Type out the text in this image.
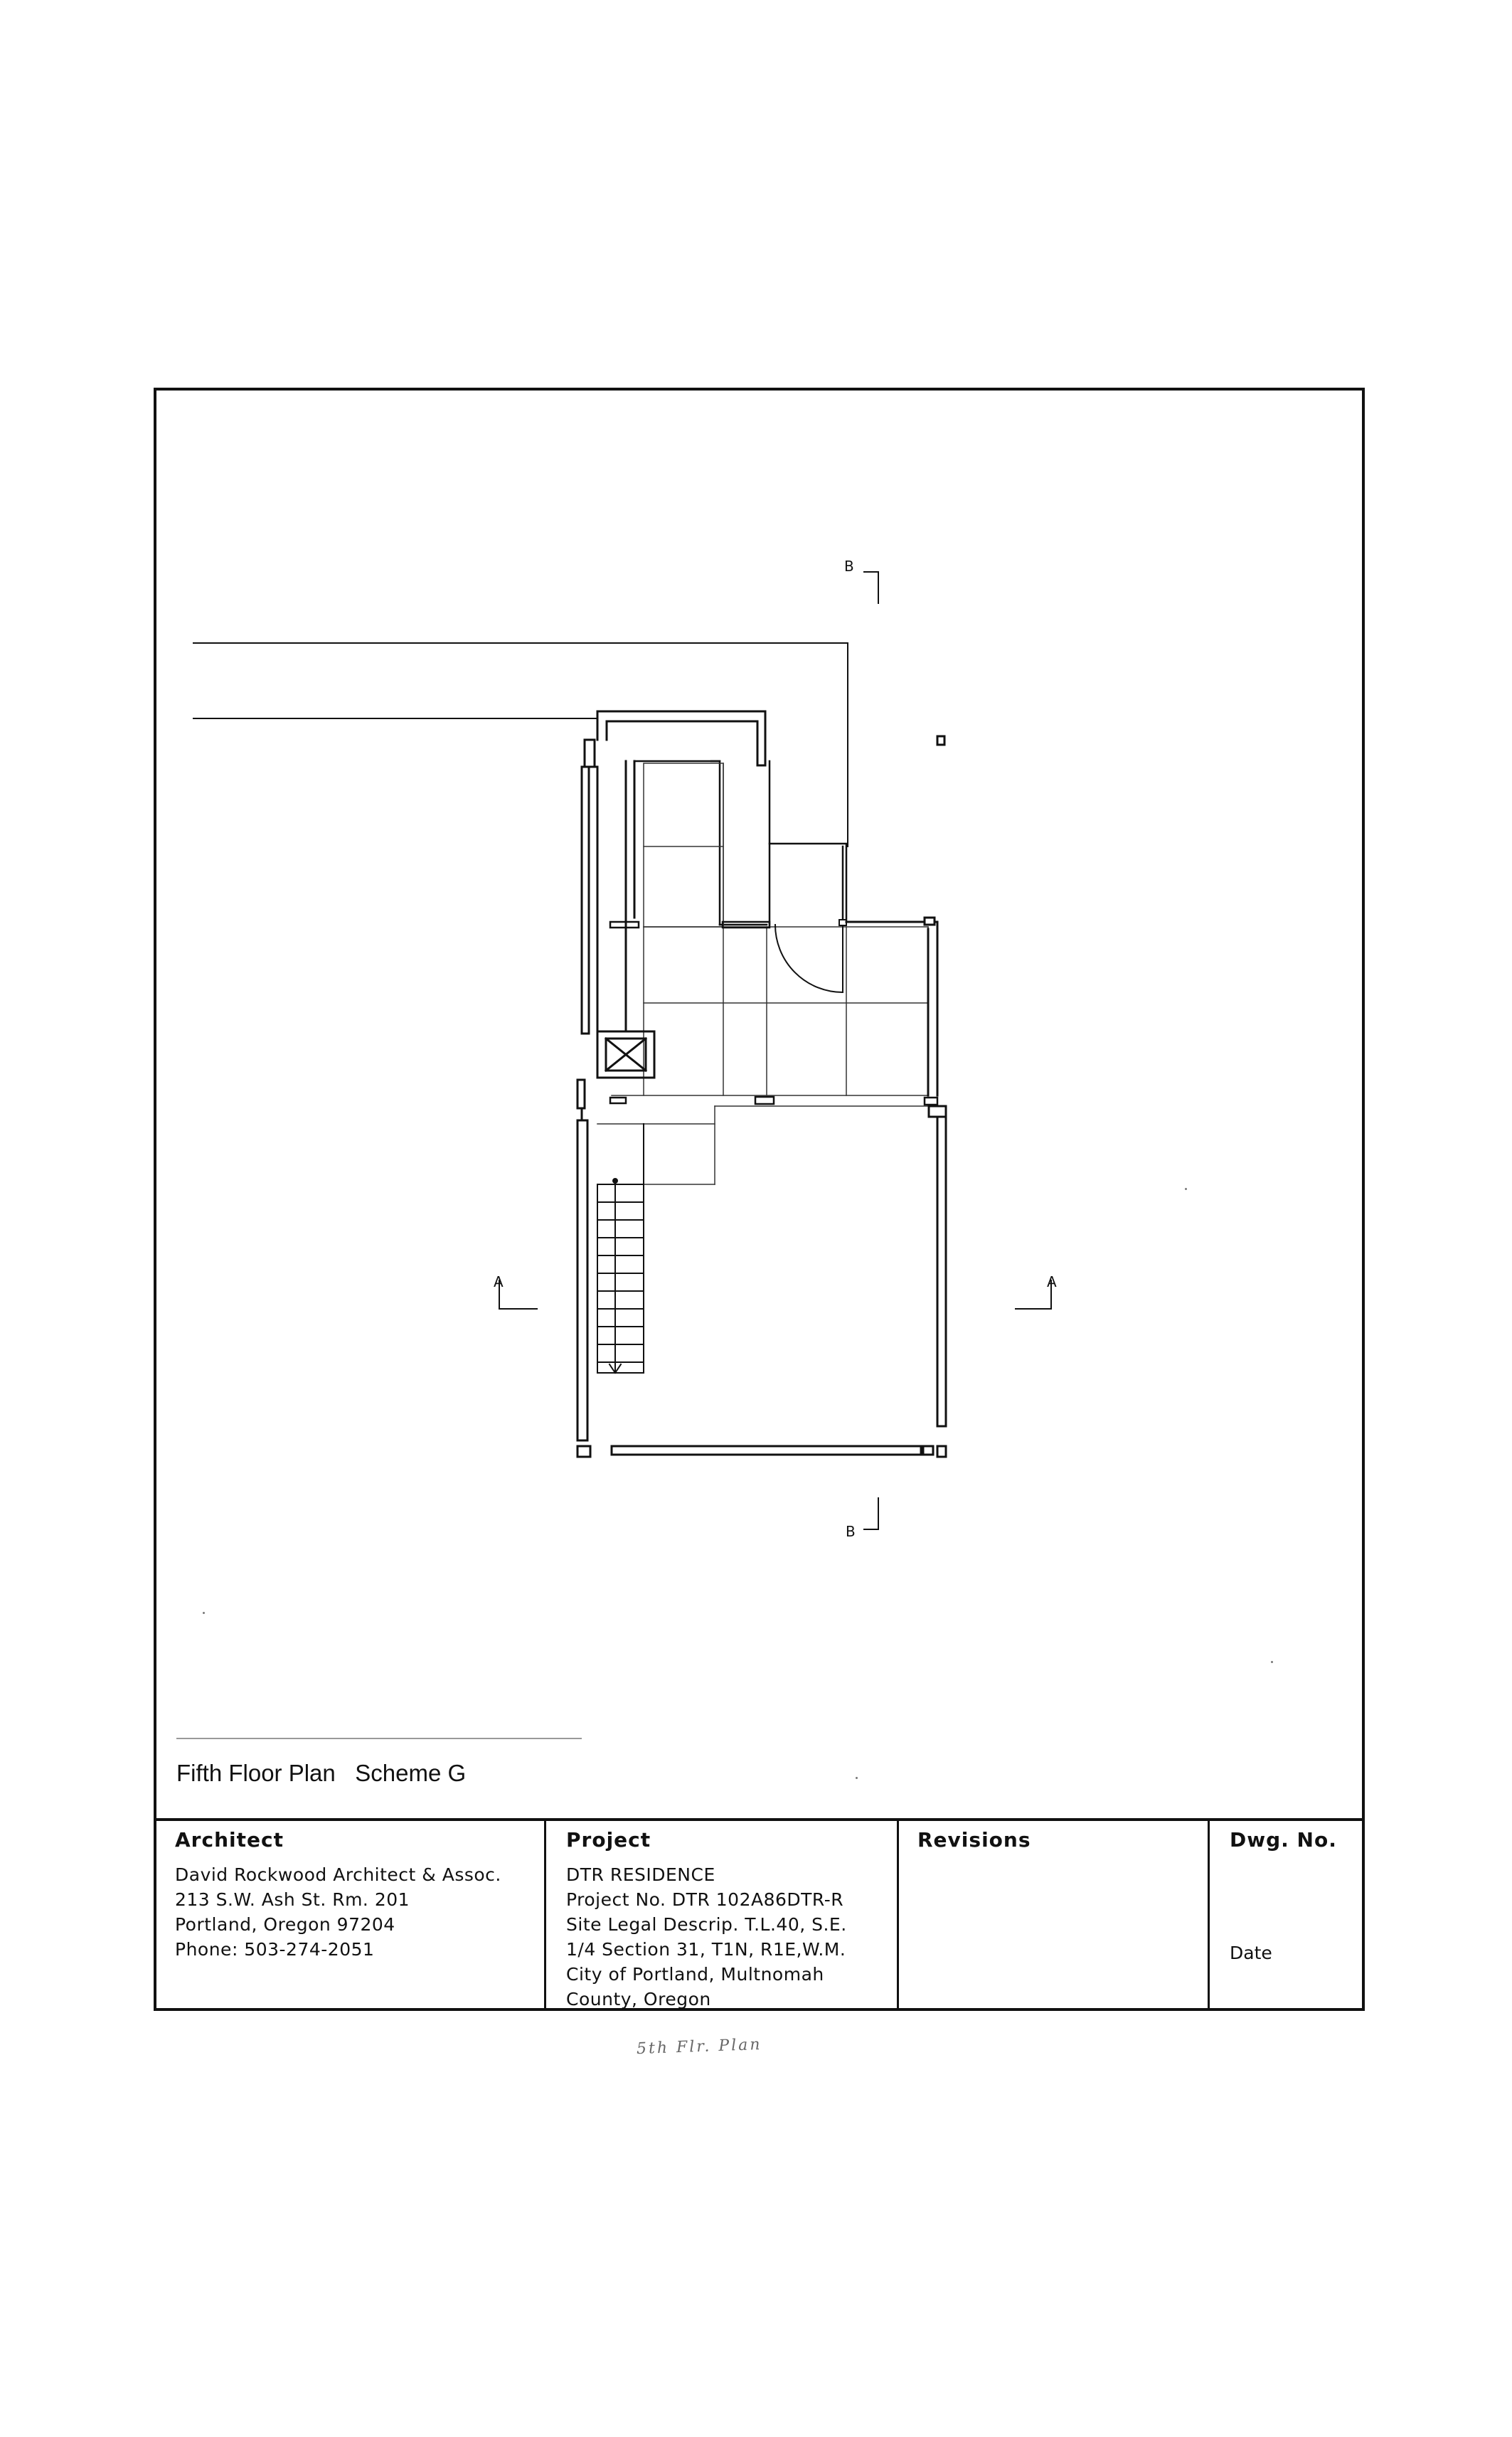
B
B
A	A
Fifth Floor Plan   Scheme G
Architect
David Rockwood Architect & Assoc.
213 S.W. Ash St. Rm. 201
Portland, Oregon 97204
Phone: 503-274-2051
Project
DTR RESIDENCE
Project No. DTR 102A86DTR-R
Site Legal Descrip. T.L.40, S.E.
1/4 Section 31, T1N, R1E,W.M.
City of Portland, Multnomah
County, Oregon
Revisions	Dwg. No.
Date
5th Flr. Plan
